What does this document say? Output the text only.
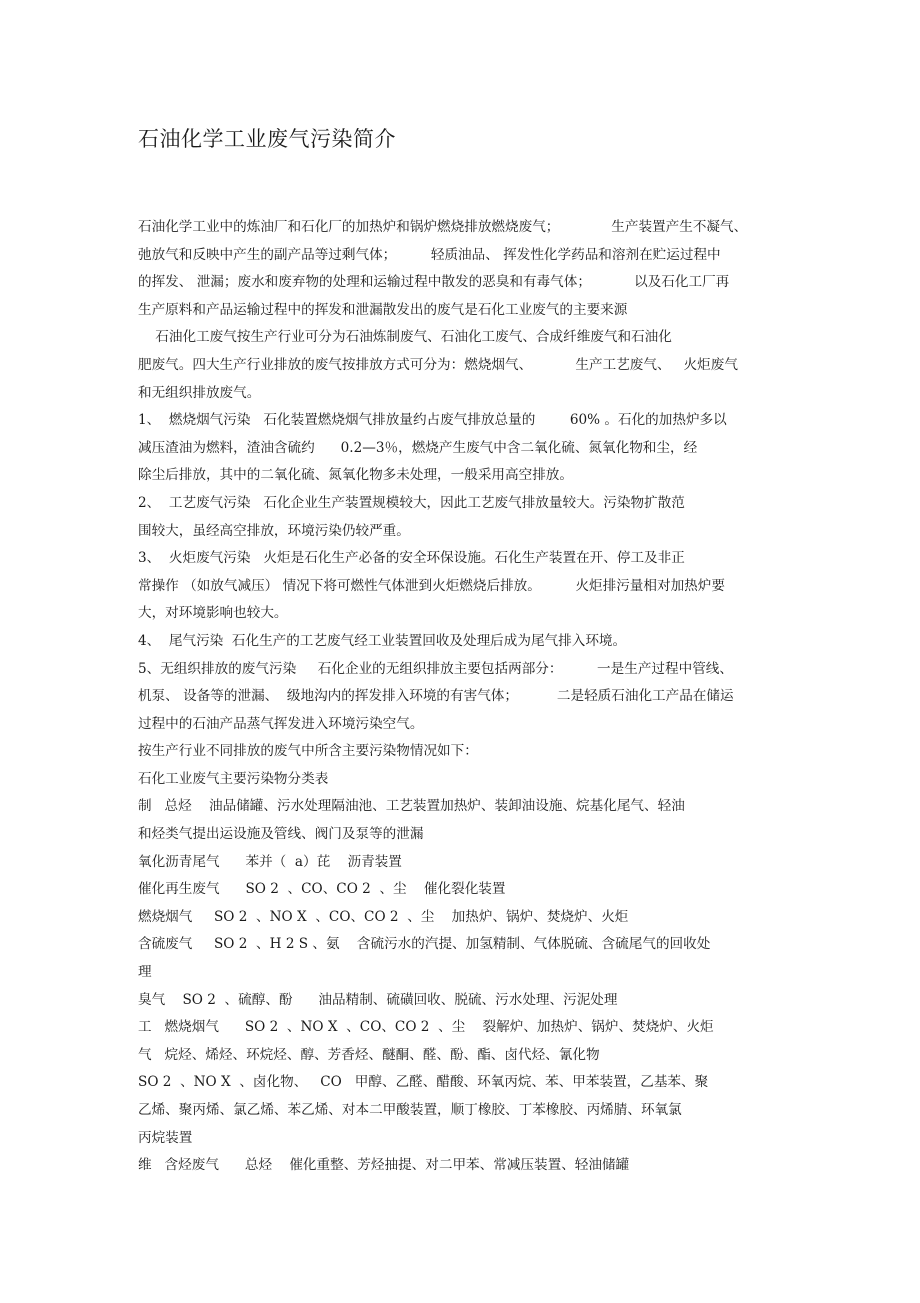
石油化学工业废气污染简介
石油化学工业中的炼油厂和石化厂的加热炉和锅炉燃烧排放燃烧废气；            生产装置产生不凝气、
弛放气和反映中产生的副产品等过剩气体；        轻质油品、 挥发性化学药品和溶剂在贮运过程中
的挥发、 泄漏；废水和废弃物的处理和运输过程中散发的恶臭和有毒气体；          以及石化工厂再
生产原料和产品运输过程中的挥发和泄漏散发出的废气是石化工业废气的主要来源
石油化工废气按生产行业可分为石油炼制废气、石油化工废气、合成纤维废气和石油化
肥废气。四大生产行业排放的废气按排放方式可分为：燃烧烟气、          生产工艺废气、   火炬废气
和无组织排放废气。
1、  燃烧烟气污染   石化装置燃烧烟气排放量约占废气排放总量的        60% 。石化的加热炉多以
减压渣油为燃料，渣油含硫约      0.2—3％，燃烧产生废气中含二氧化硫、氮氧化物和尘，经
除尘后排放，其中的二氧化硫、氮氧化物多未处理，一般采用高空排放。
2、  工艺废气污染   石化企业生产装置规模较大，因此工艺废气排放量较大。污染物扩散范
围较大，虽经高空排放，环境污染仍较严重。
3、  火炬废气污染   火炬是石化生产必备的安全环保设施。石化生产装置在开、停工及非正
常操作 （如放气减压） 情况下将可燃性气体泄到火炬燃烧后排放。        火炬排污量相对加热炉要
大，对环境影响也较大。
4、  尾气污染  石化生产的工艺废气经工业装置回收及处理后成为尾气排入环境。
5、无组织排放的废气污染     石化企业的无组织排放主要包括两部分：        一是生产过程中管线、
机泵、 设备等的泄漏、  级地沟内的挥发排入环境的有害气体；         二是轻质石油化工产品在储运
过程中的石油产品蒸气挥发进入环境污染空气。
按生产行业不同排放的废气中所含主要污染物情况如下：
石化工业废气主要污染物分类表
制   总烃    油品储罐、污水处理隔油池、工艺装置加热炉、装卸油设施、烷基化尾气、轻油
和烃类气提出运设施及管线、阀门及泵等的泄漏
氧化沥青尾气      苯并（  a）芘    沥青装置
催化再生废气      SO 2  、CO、CO 2  、尘    催化裂化装置
燃烧烟气     SO 2  、NO X  、CO、CO 2  、尘    加热炉、锅炉、焚烧炉、火炬
含硫废气     SO 2  、H 2 S 、氨    含硫污水的汽提、加氢精制、气体脱硫、含硫尾气的回收处
理
臭气    SO 2  、硫醇、酚      油品精制、硫磺回收、脱硫、污水处理、污泥处理
工   燃烧烟气      SO 2  、NO X  、CO、CO 2  、尘    裂解炉、加热炉、锅炉、焚烧炉、火炬
气   烷烃、烯烃、环烷烃、醇、芳香烃、醚酮、醛、酚、酯、卤代烃、氰化物
SO 2  、NO X  、卤化物、   CO   甲醇、乙醛、醋酸、环氧丙烷、苯、甲苯装置，乙基苯、聚
乙烯、聚丙烯、氯乙烯、苯乙烯、对本二甲酸装置，顺丁橡胶、丁苯橡胶、丙烯腈、环氧氯
丙烷装置
维   含烃废气      总烃    催化重整、芳烃抽提、对二甲苯、常减压装置、轻油储罐
